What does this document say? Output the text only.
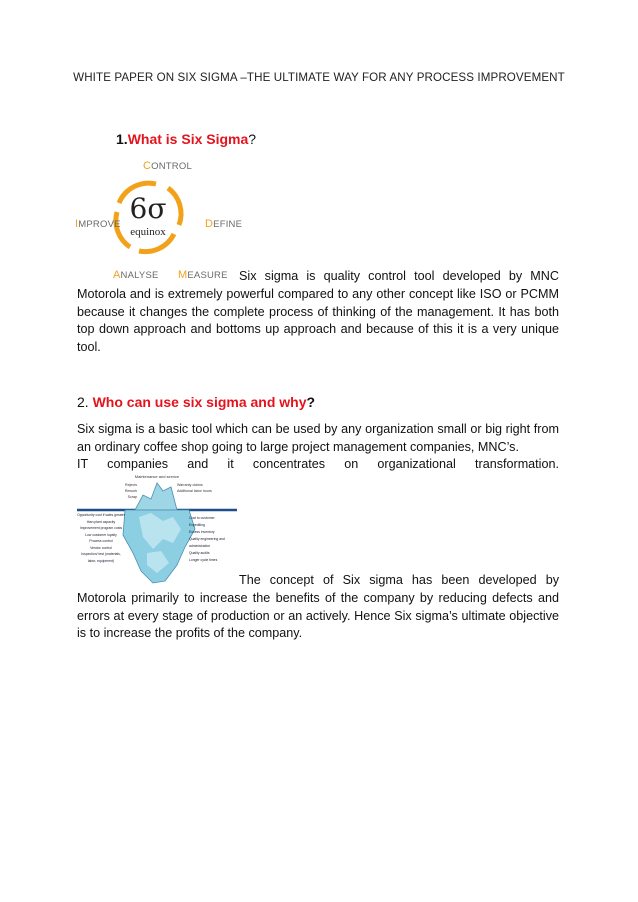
WHITE PAPER ON SIX SIGMA –THE ULTIMATE WAY FOR ANY PROCESS IMPROVEMENT
1.What is Six Sigma?
6σ
equinox
CONTROL
DEFINE
IMPROVE
ANALYSE MEASURE Six sigma is quality control tool developed by MNC
Motorola and is extremely powerful compared to any other concept like ISO or PCMM because it changes the complete process of thinking of the management. It has both top down approach and bottoms up approach and because of this it is a very unique tool.
2. Who can use six sigma and why?
Six sigma is a basic tool which can be used by any organization small or big right from an ordinary coffee shop going to large project management companies, MNC’s.
IT companies and it concentrates on organizational transformation.
Maintenance and service
Rejects
Rework
Scrap
Warranty claims
Additional labor hours
Opportunity cost if sales greater than plant capacity
Improvement program costs
Low customer loyalty
Process control
Vendor control
Inspection/ test (materials, labor, equipment)
Cost to customer
Expediting
Excess inventory
Quality engineering and administration
Quality audits
Longer cycle times
The concept of Six sigma has been developed by
Motorola primarily to increase the benefits of the company by reducing defects and errors at every stage of production or an actively. Hence Six sigma’s ultimate objective is to increase the profits of the company.
